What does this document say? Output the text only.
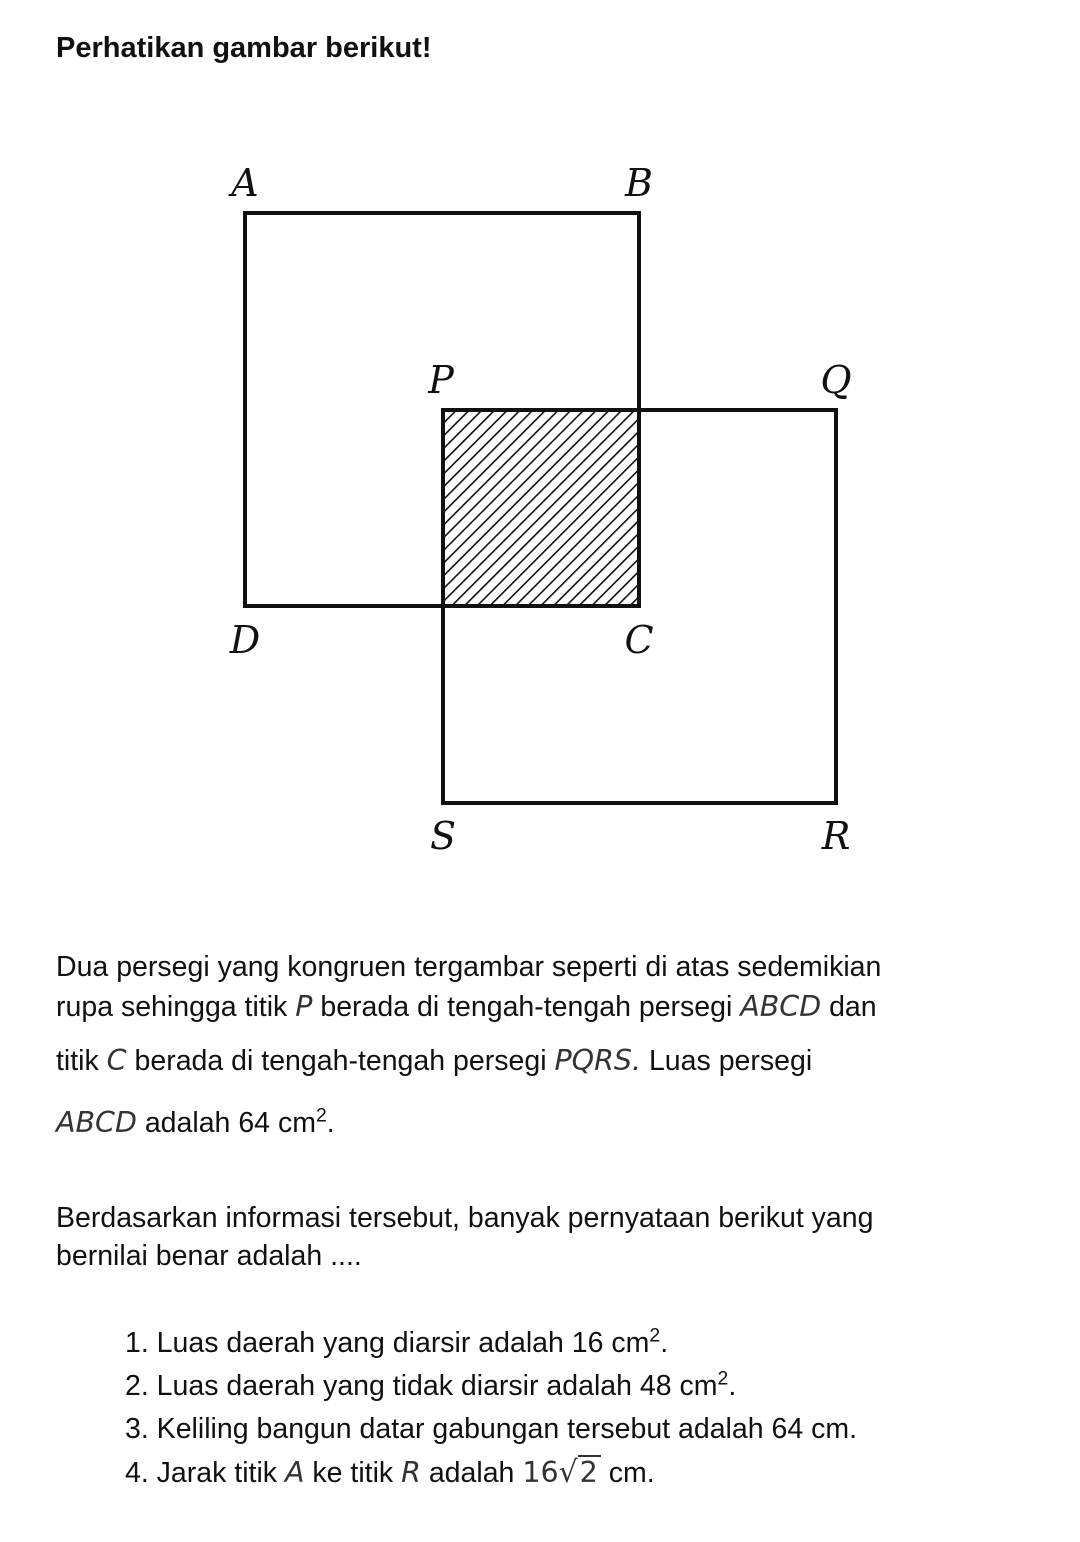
Perhatikan gambar berikut!
A	B
P	Q
D	C
S	R
Dua persegi yang kongruen tergambar seperti di atas sedemikian
rupa sehingga titik P berada di tengah-tengah persegi ABCD dan
titik C berada di tengah-tengah persegi PQRS. Luas persegi
ABCD adalah 64 $cm^2$.
Berdasarkan informasi tersebut, banyak pernyataan berikut yang
bernilai benar adalah ....
1. Luas daerah yang diarsir adalah 16 $cm^2$.
2. Luas daerah yang tidak diarsir adalah 48 $cm^2$.
3. Keliling bangun datar gabungan tersebut adalah 64 cm.
4. Jarak titik A ke titik R adalah 16√2 cm.
